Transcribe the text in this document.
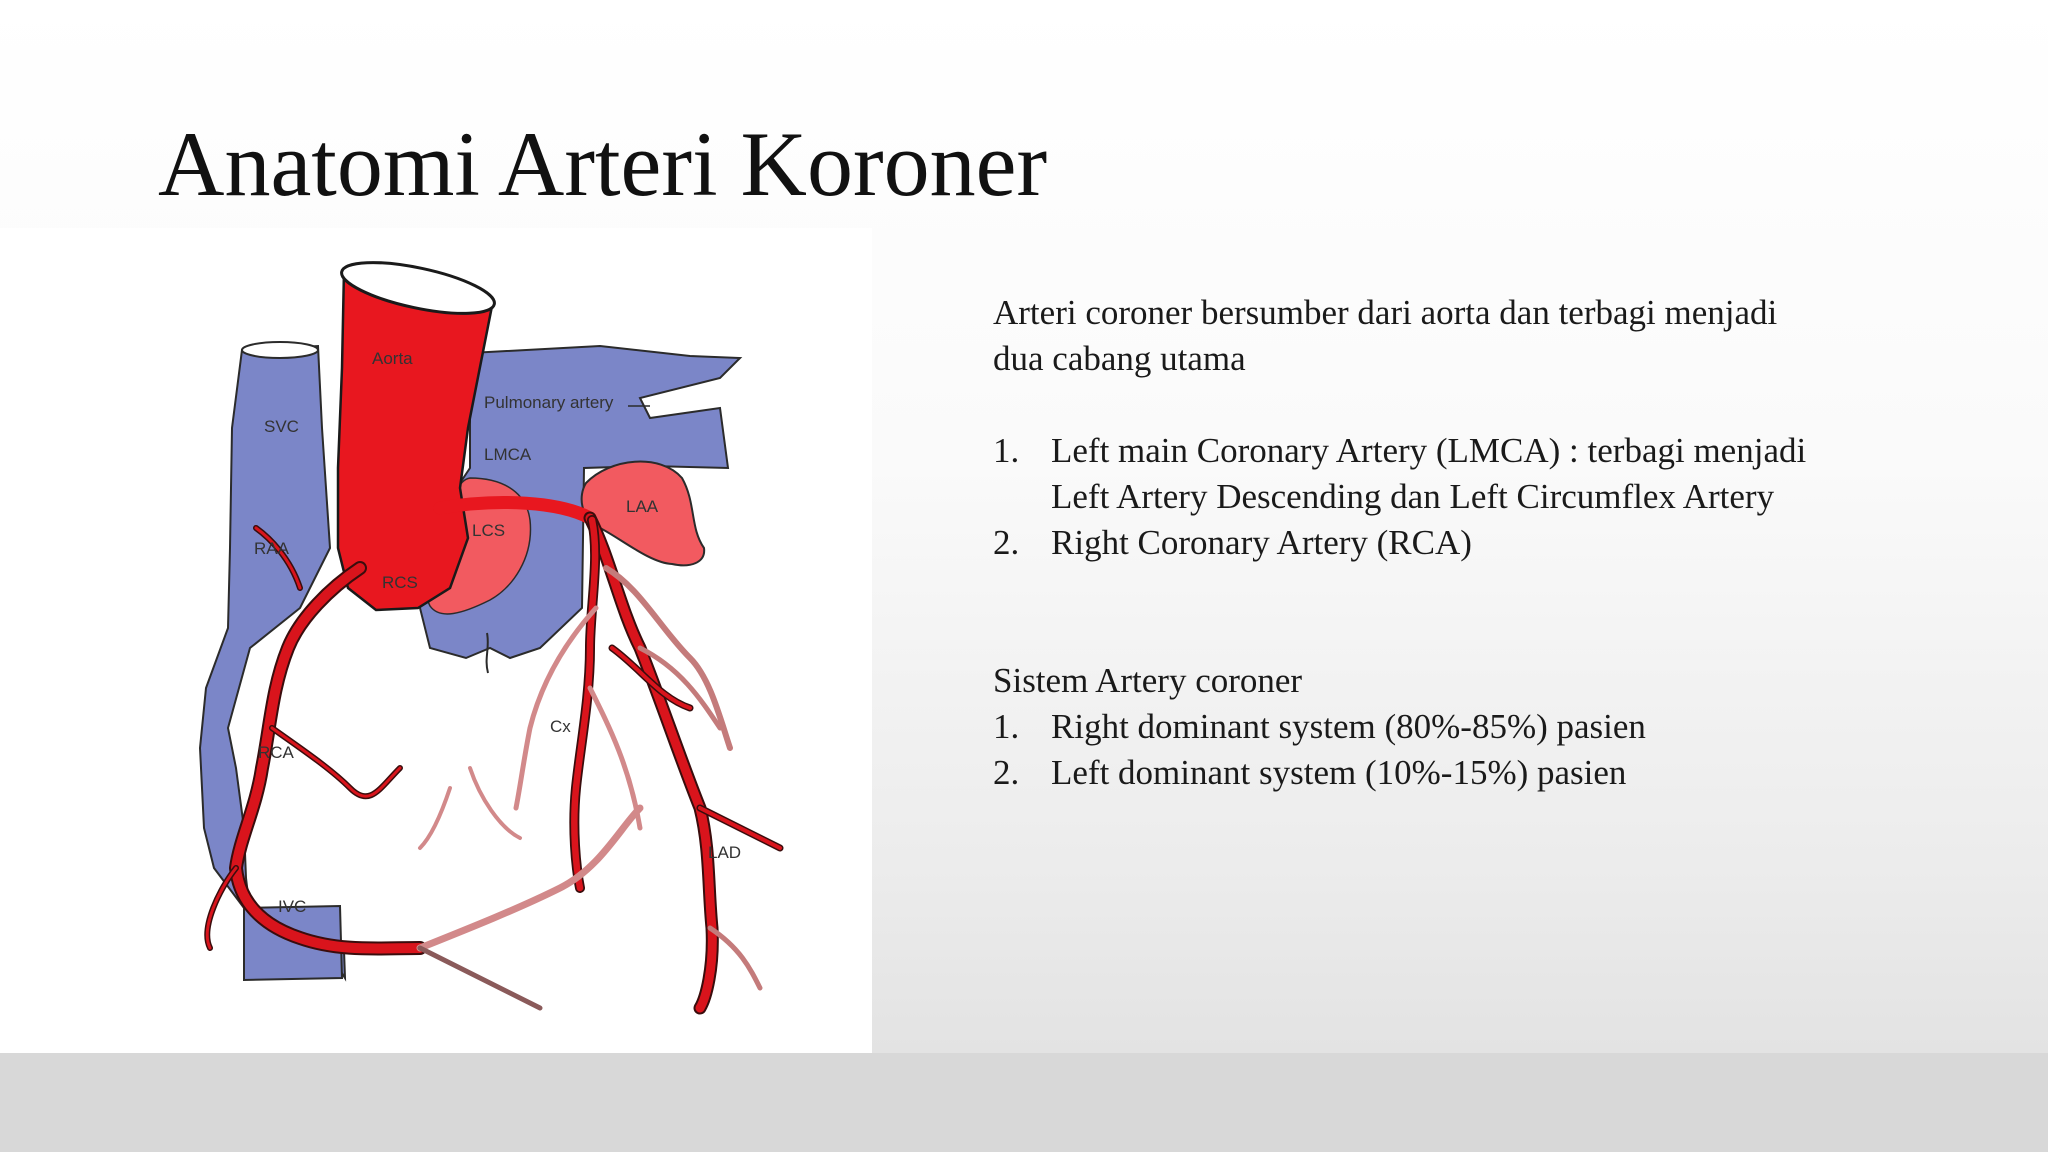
Anatomi Arteri Koroner
Aorta
Pulmonary artery
SVC
LMCA
LAA
RAA
LCS
RCS
Cx
RCA
LAD
IVC

Arteri coroner bersumber dari aorta dan terbagi menjadi dua cabang utama

1. Left main Coronary Artery (LMCA) : terbagi menjadi Left Artery Descending dan Left Circumflex Artery
2. Right Coronary Artery (RCA)

Sistem Artery coroner

1. Right dominant system (80%-85%) pasien
2. Left dominant system (10%-15%) pasien
